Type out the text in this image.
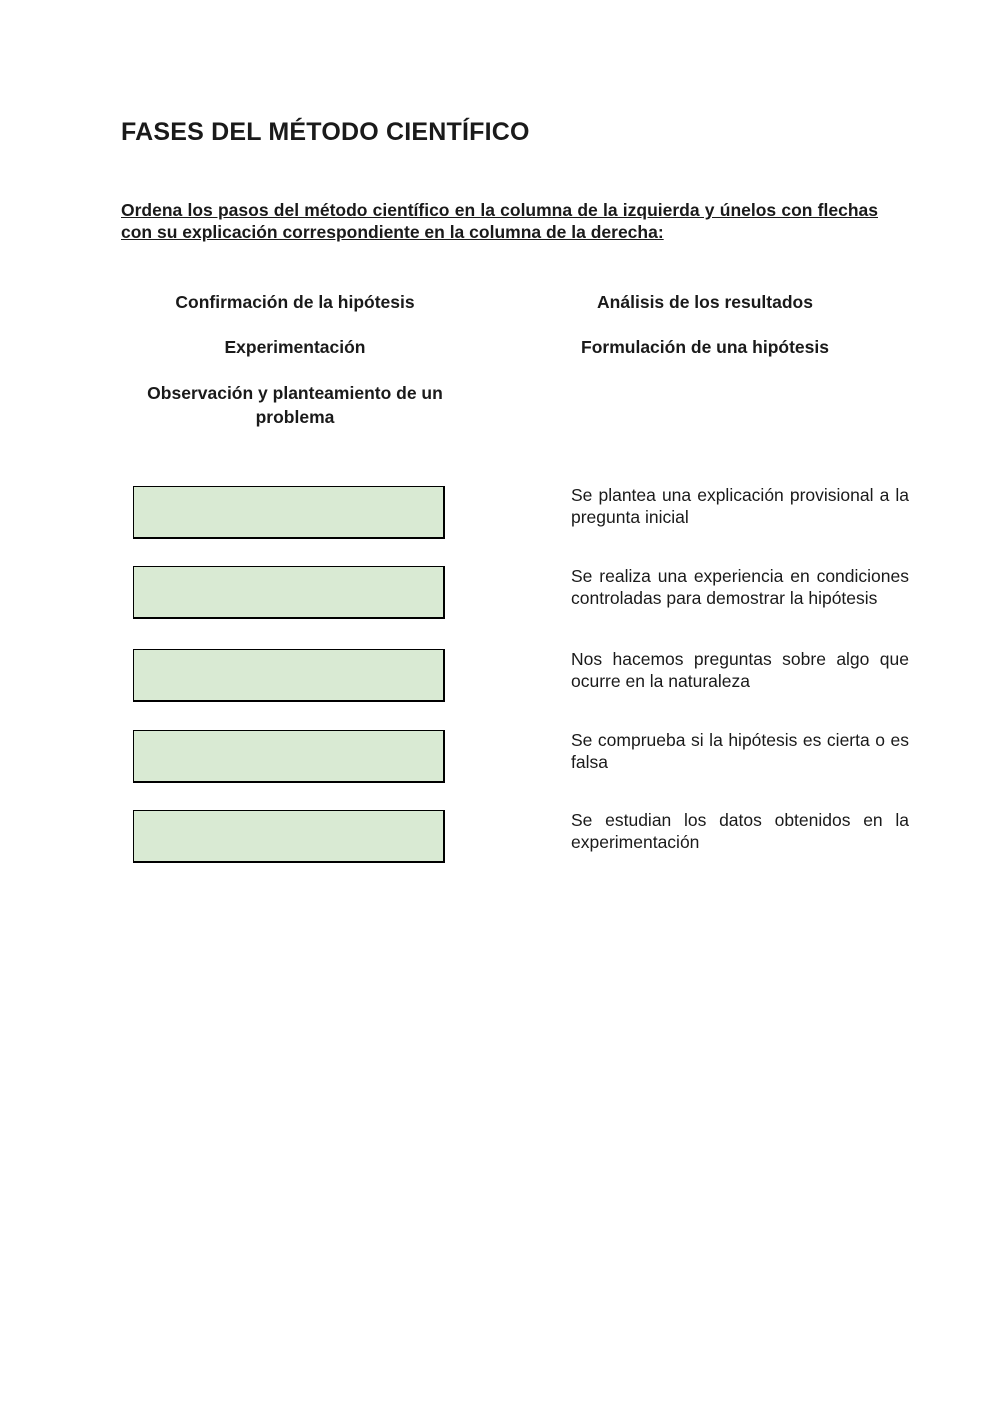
FASES DEL MÉTODO CIENTÍFICO

Ordena los pasos del método científico en la columna de la izquierda y únelos con flechas con su explicación correspondiente en la columna de la derecha:

Confirmación de la hipótesis

Experimentación

Observación y planteamiento de un problema

Análisis de los resultados

Formulación de una hipótesis

Se plantea una explicación provisional a la pregunta inicial

Se realiza una experiencia en condiciones controladas para demostrar la hipótesis

Nos hacemos preguntas sobre algo que ocurre en la naturaleza

Se comprueba si la hipótesis es cierta o es falsa

Se estudian los datos obtenidos en la experimentación
